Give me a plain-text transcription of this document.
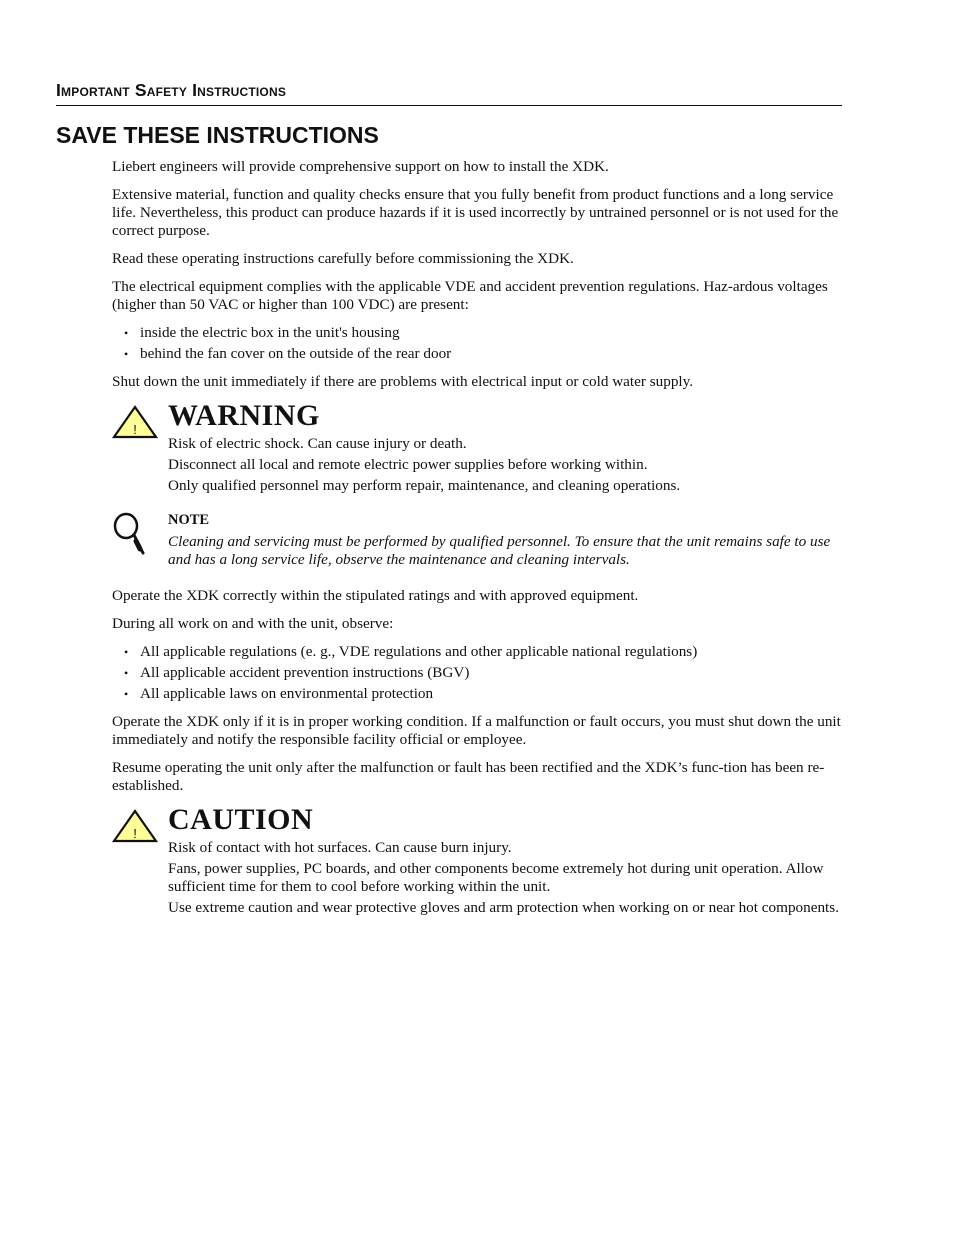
Important Safety Instructions
SAVE THESE INSTRUCTIONS

Liebert engineers will provide comprehensive support on how to install the XDK.

Extensive material, function and quality checks ensure that you fully benefit from product functions and a long service life. Nevertheless, this product can produce hazards if it is used incorrectly by untrained personnel or is not used for the correct purpose.

Read these operating instructions carefully before commissioning the XDK.

The electrical equipment complies with the applicable VDE and accident prevention regulations. Haz-ardous voltages (higher than 50 VAC or higher than 100 VDC) are present:

• inside the electric box in the unit's housing
• behind the fan cover on the outside of the rear door

Shut down the unit immediately if there are problems with electrical input or cold water supply.

! WARNING
Risk of electric shock. Can cause injury or death.
Disconnect all local and remote electric power supplies before working within.
Only qualified personnel may perform repair, maintenance, and cleaning operations.
NOTE

Cleaning and servicing must be performed by qualified personnel. To ensure that the unit remains safe to use and has a long service life, observe the maintenance and cleaning intervals.

Operate the XDK correctly within the stipulated ratings and with approved equipment.

During all work on and with the unit, observe:

• All applicable regulations (e. g., VDE regulations and other applicable national regulations)
• All applicable accident prevention instructions (BGV)
• All applicable laws on environmental protection

Operate the XDK only if it is in proper working condition. If a malfunction or fault occurs, you must shut down the unit immediately and notify the responsible facility official or employee.

Resume operating the unit only after the malfunction or fault has been rectified and the XDK’s func-tion has been re-established.

! CAUTION
Risk of contact with hot surfaces. Can cause burn injury.
Fans, power supplies, PC boards, and other components become extremely hot during unit operation. Allow sufficient time for them to cool before working within the unit.
Use extreme caution and wear protective gloves and arm protection when working on or near hot components.
